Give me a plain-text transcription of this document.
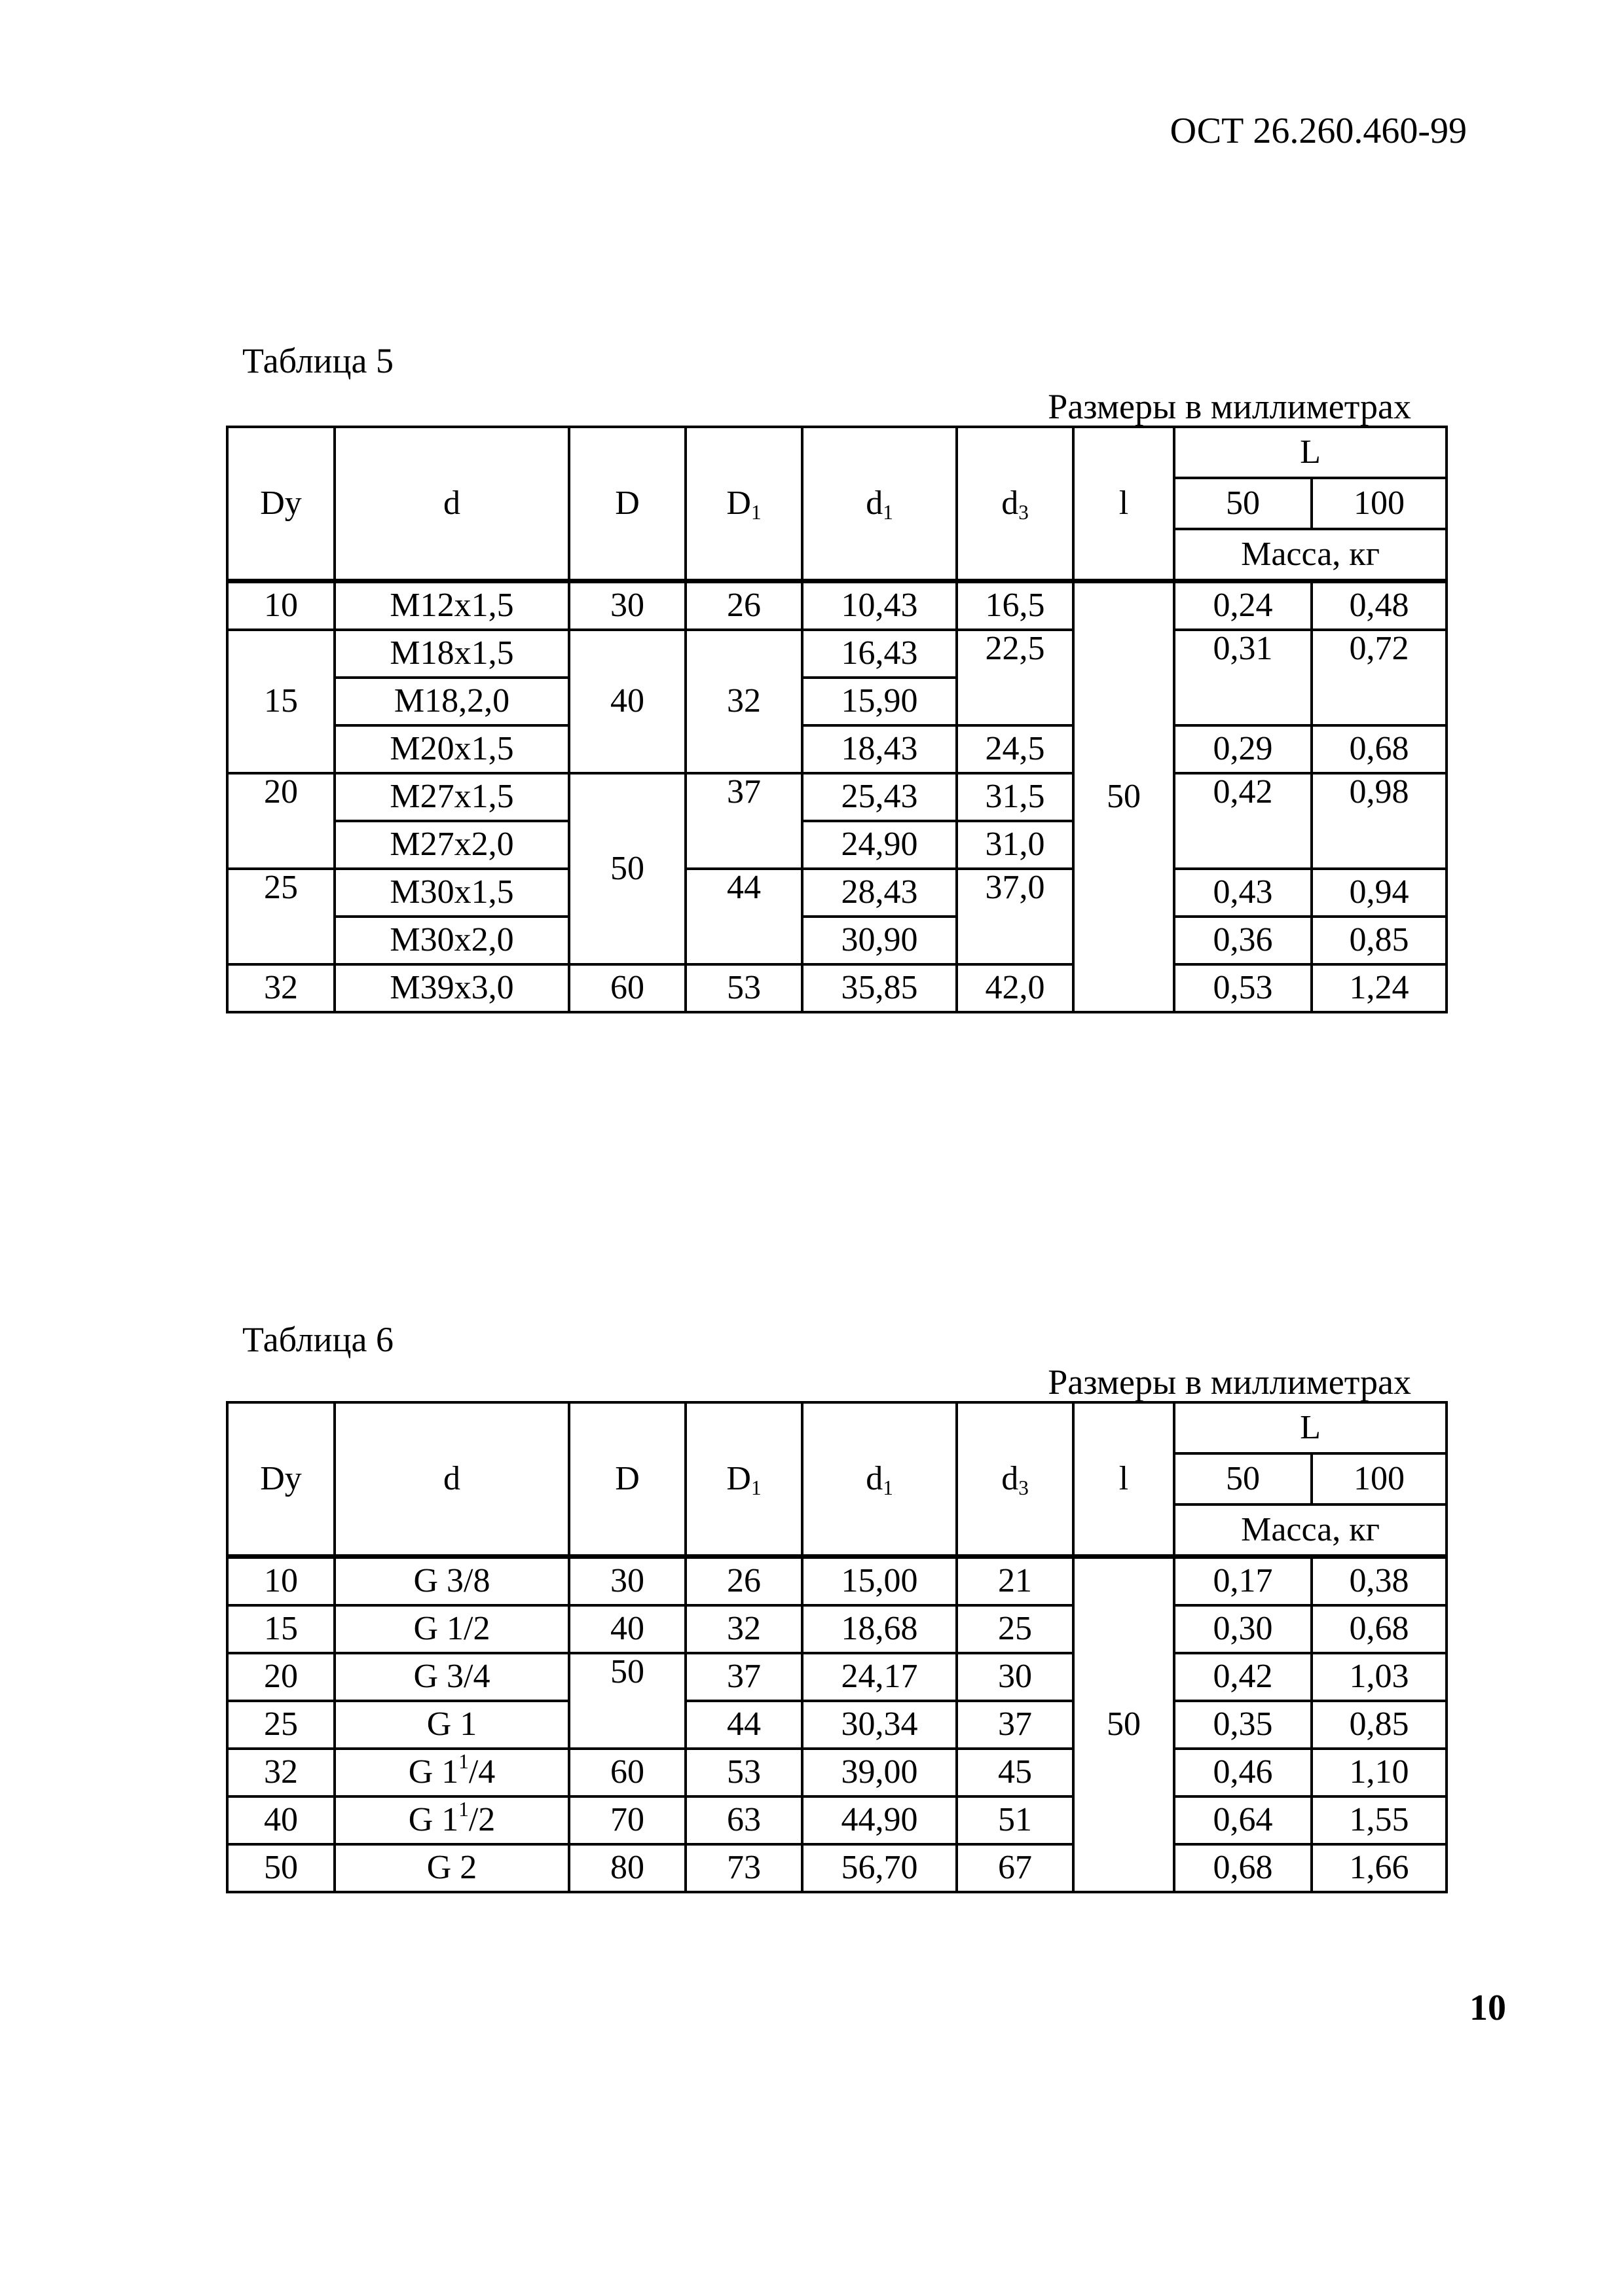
ОСТ 26.260.460-99
Таблица 5
Размеры в миллиметрах
Dy	d	D	$D_1$	$d_1$	$d_3$	l	L	
							50	100
							Масса, кг	
10	М12х1,5	30	26	10,43	16,5	50	0,24	0,48
15	М18х1,5	40	32	16,43	22,5		0,31	0,72
	М18,2,0			15,90				
	М20х1,5			18,43	24,5		0,29	0,68
20	М27х1,5	50	37	25,43	31,5		0,42	0,98
	М27х2,0			24,90	31,0			
25	М30х1,5		44	28,43	37,0		0,43	0,94
	М30х2,0			30,90			0,36	0,85
32	М39х3,0	60	53	35,85	42,0		0,53	1,24
Таблица 6
Размеры в миллиметрах
Dy	d	D	$D_1$	$d_1$	$d_3$	l	L	
							50	100
							Масса, кг	
10	G 3/8	30	26	15,00	21	50	0,17	0,38
15	G 1/2	40	32	18,68	25		0,30	0,68
20	G 3/4	50	37	24,17	30		0,42	1,03
25	G 1		44	30,34	37		0,35	0,85
32	G $1^1/4$	60	53	39,00	45		0,46	1,10
40	G $1^1/2$	70	63	44,90	51		0,64	1,55
50	G 2	80	73	56,70	67		0,68	1,66
10
